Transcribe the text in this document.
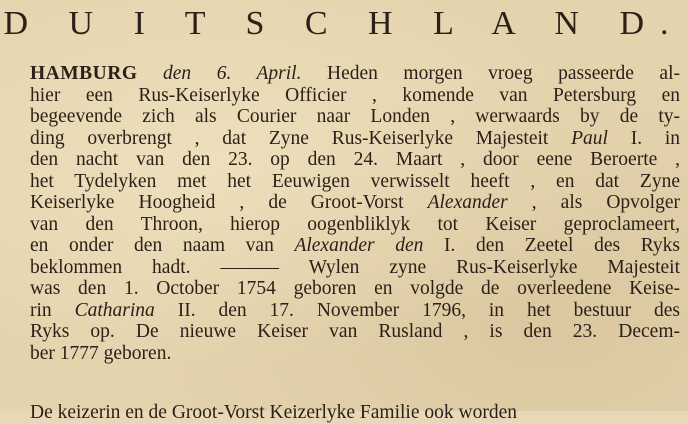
D U I T S C H L A N D.
HAMBURG den 6. April. Heden morgen vroeg passeerde al-
hier een Rus-Keiserlyke Officier , komende van Petersburg en
begeevende zich als Courier naar Londen , werwaards by de ty-
ding overbrengt , dat Zyne Rus-Keiserlyke Majesteit Paul I. in
den nacht van den 23. op den 24. Maart , door eene Beroerte ,
het Tydelyken met het Eeuwigen verwisselt heeft , en dat Zyne
Keiserlyke Hoogheid , de Groot-Vorst Alexander , als Opvolger
van den Throon, hierop oogenbliklyk tot Keiser geproclameert,
en onder den naam van Alexander den I. den Zeetel des Ryks
beklommen hadt. ——— Wylen zyne Rus-Keiserlyke Majesteit
was den 1. October 1754 geboren en volgde de overleedene Keise-
rin Catharina II. den 17. November 1796, in het bestuur des
Ryks op. De nieuwe Keiser van Rusland , is den 23. Decem-
ber 1777 geboren.
De keizerin en de Groot-Vorst Keizerlyke Familie ook worden
